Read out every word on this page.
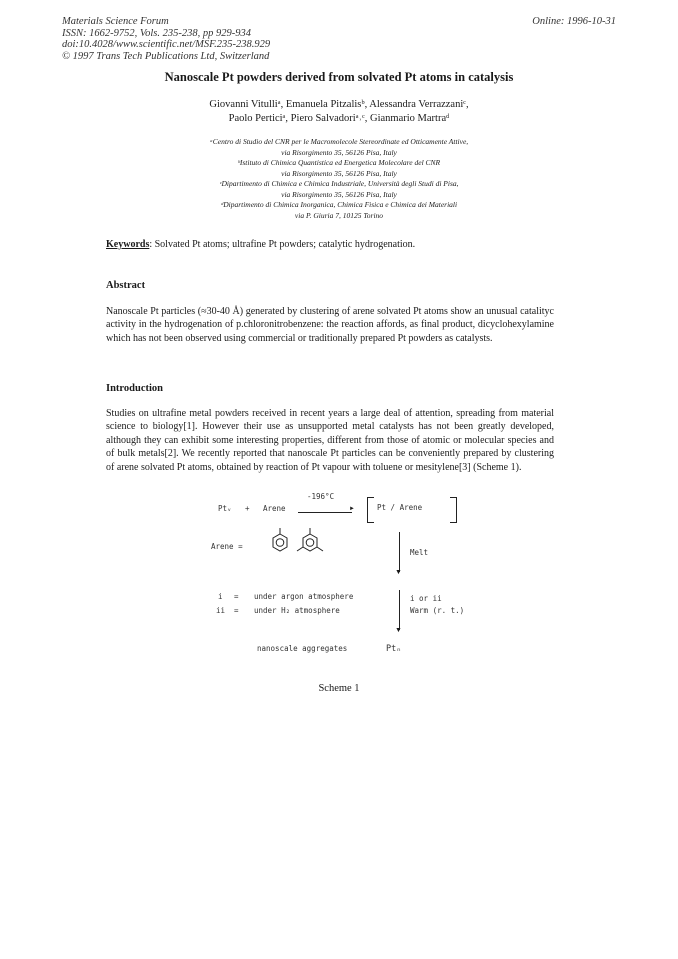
Materials Science Forum
ISSN: 1662-9752, Vols. 235-238, pp 929-934
doi:10.4028/www.scientific.net/MSF.235-238.929
© 1997 Trans Tech Publications Ltd, Switzerland
Online: 1996-10-31
Nanoscale Pt powders derived from solvated Pt atoms in catalysis
Giovanni Vitulliᵃ, Emanuela Pitzalisᵇ, Alessandra Verrazzaniᶜ,
Paolo Perticiᵃ, Piero Salvadoriᵃ˒ᶜ, Gianmario Martraᵈ
ᵃCentro di Studio del CNR per le Macromolecole Stereordinate ed Otticamente Attive,
via Risorgimento 35, 56126 Pisa, Italy
ᵇIstituto di Chimica Quantistica ed Energetica Molecolare del CNR
via Risorgimento 35, 56126 Pisa, Italy
ᶜDipartimento di Chimica e Chimica Industriale, Università degli Studi di Pisa,
via Risorgimento 35, 56126 Pisa, Italy
ᵈDipartimento di Chimica Inorganica, Chimica Fisica e Chimica dei Materiali
via P. Giuria 7, 10125 Torino
Keywords: Solvated Pt atoms; ultrafine Pt powders; catalytic hydrogenation.
Abstract
Nanoscale Pt particles (≈30-40 Å) generated by clustering of arene solvated Pt atoms show an unusual catalityc activity in the hydrogenation of p.chloronitrobenzene: the reaction affords, as final product, dicyclohexylamine which has not been observed using commercial or traditionally prepared Pt powders as catalysts.
Introduction
Studies on ultrafine metal powders received in recent years a large deal of attention, spreading from material science to biology[1]. However their use as unsupported metal catalysts has not been greatly developed, although they can exhibit some interesting properties, different from those of atomic or molecular species and of bulk metals[2]. We recently reported that nanoscale Pt particles can be conveniently prepared by clustering of arene solvated Pt atoms, obtained by reaction of Pt vapour with toluene or mesitylene[3] (Scheme 1).
Ptᵥ + Arene
-196°C
►	Pt / Arene
Arene =
▼
Melt
i = under argon atmosphere
ii = under H₂ atmosphere
▼
i or ii
Warm (r. t.)
nanoscale aggregates	Ptₙ
Scheme 1
